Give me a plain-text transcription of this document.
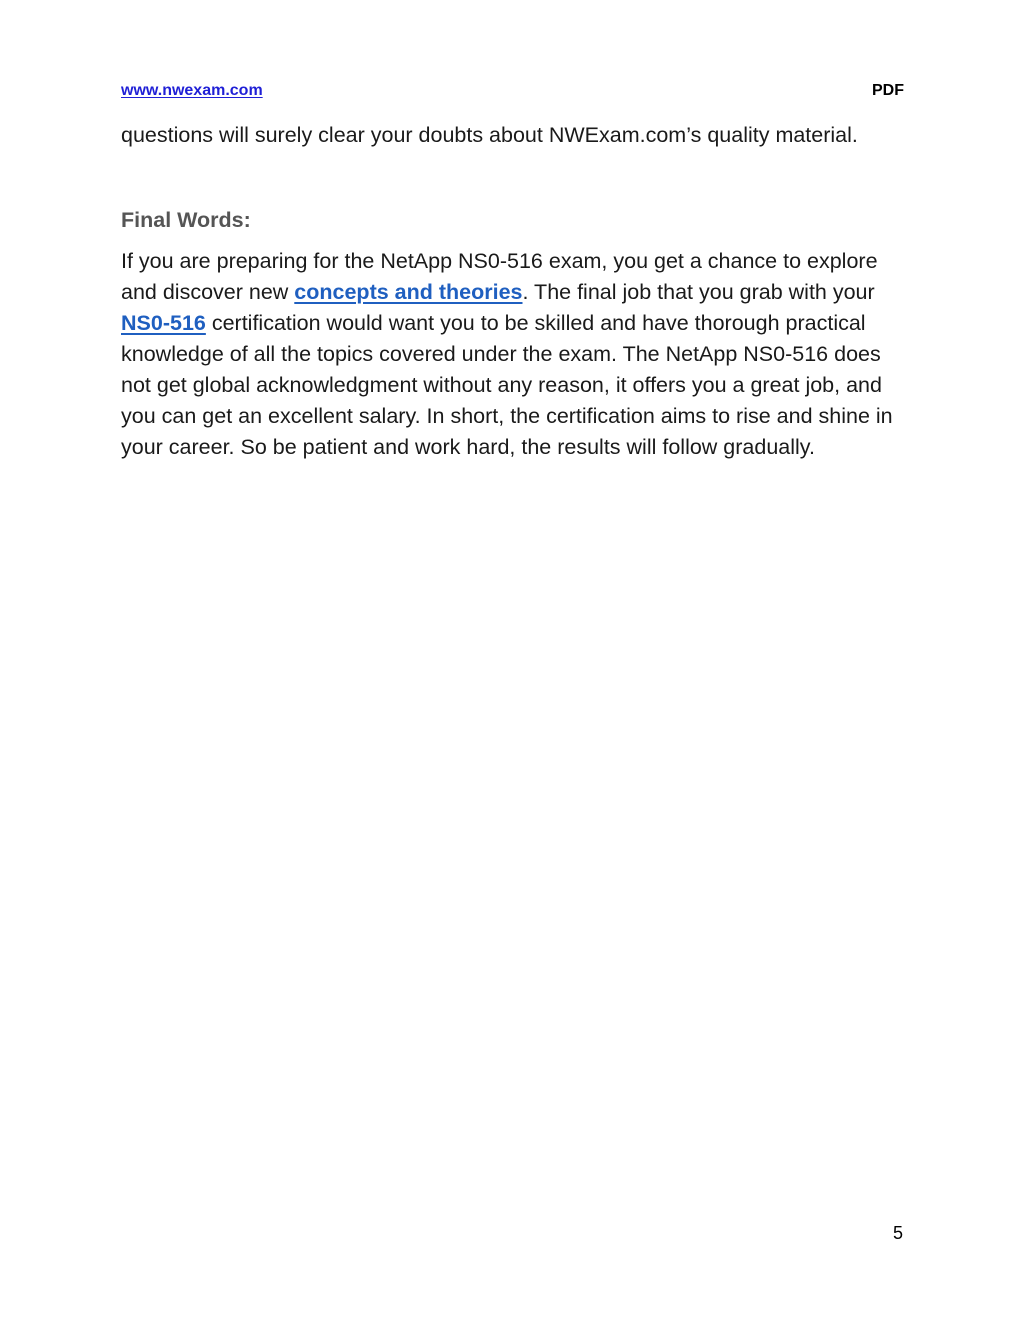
www.nwexam.com	PDF

questions will surely clear your doubts about NWExam.com’s quality material.

Final Words:

If you are preparing for the NetApp NS0-516 exam, you get a chance to explore and discover new concepts and theories. The final job that you grab with your NS0-516 certification would want you to be skilled and have thorough practical knowledge of all the topics covered under the exam. The NetApp NS0-516 does not get global acknowledgment without any reason, it offers you a great job, and you can get an excellent salary. In short, the certification aims to rise and shine in your career. So be patient and work hard, the results will follow gradually.

5
